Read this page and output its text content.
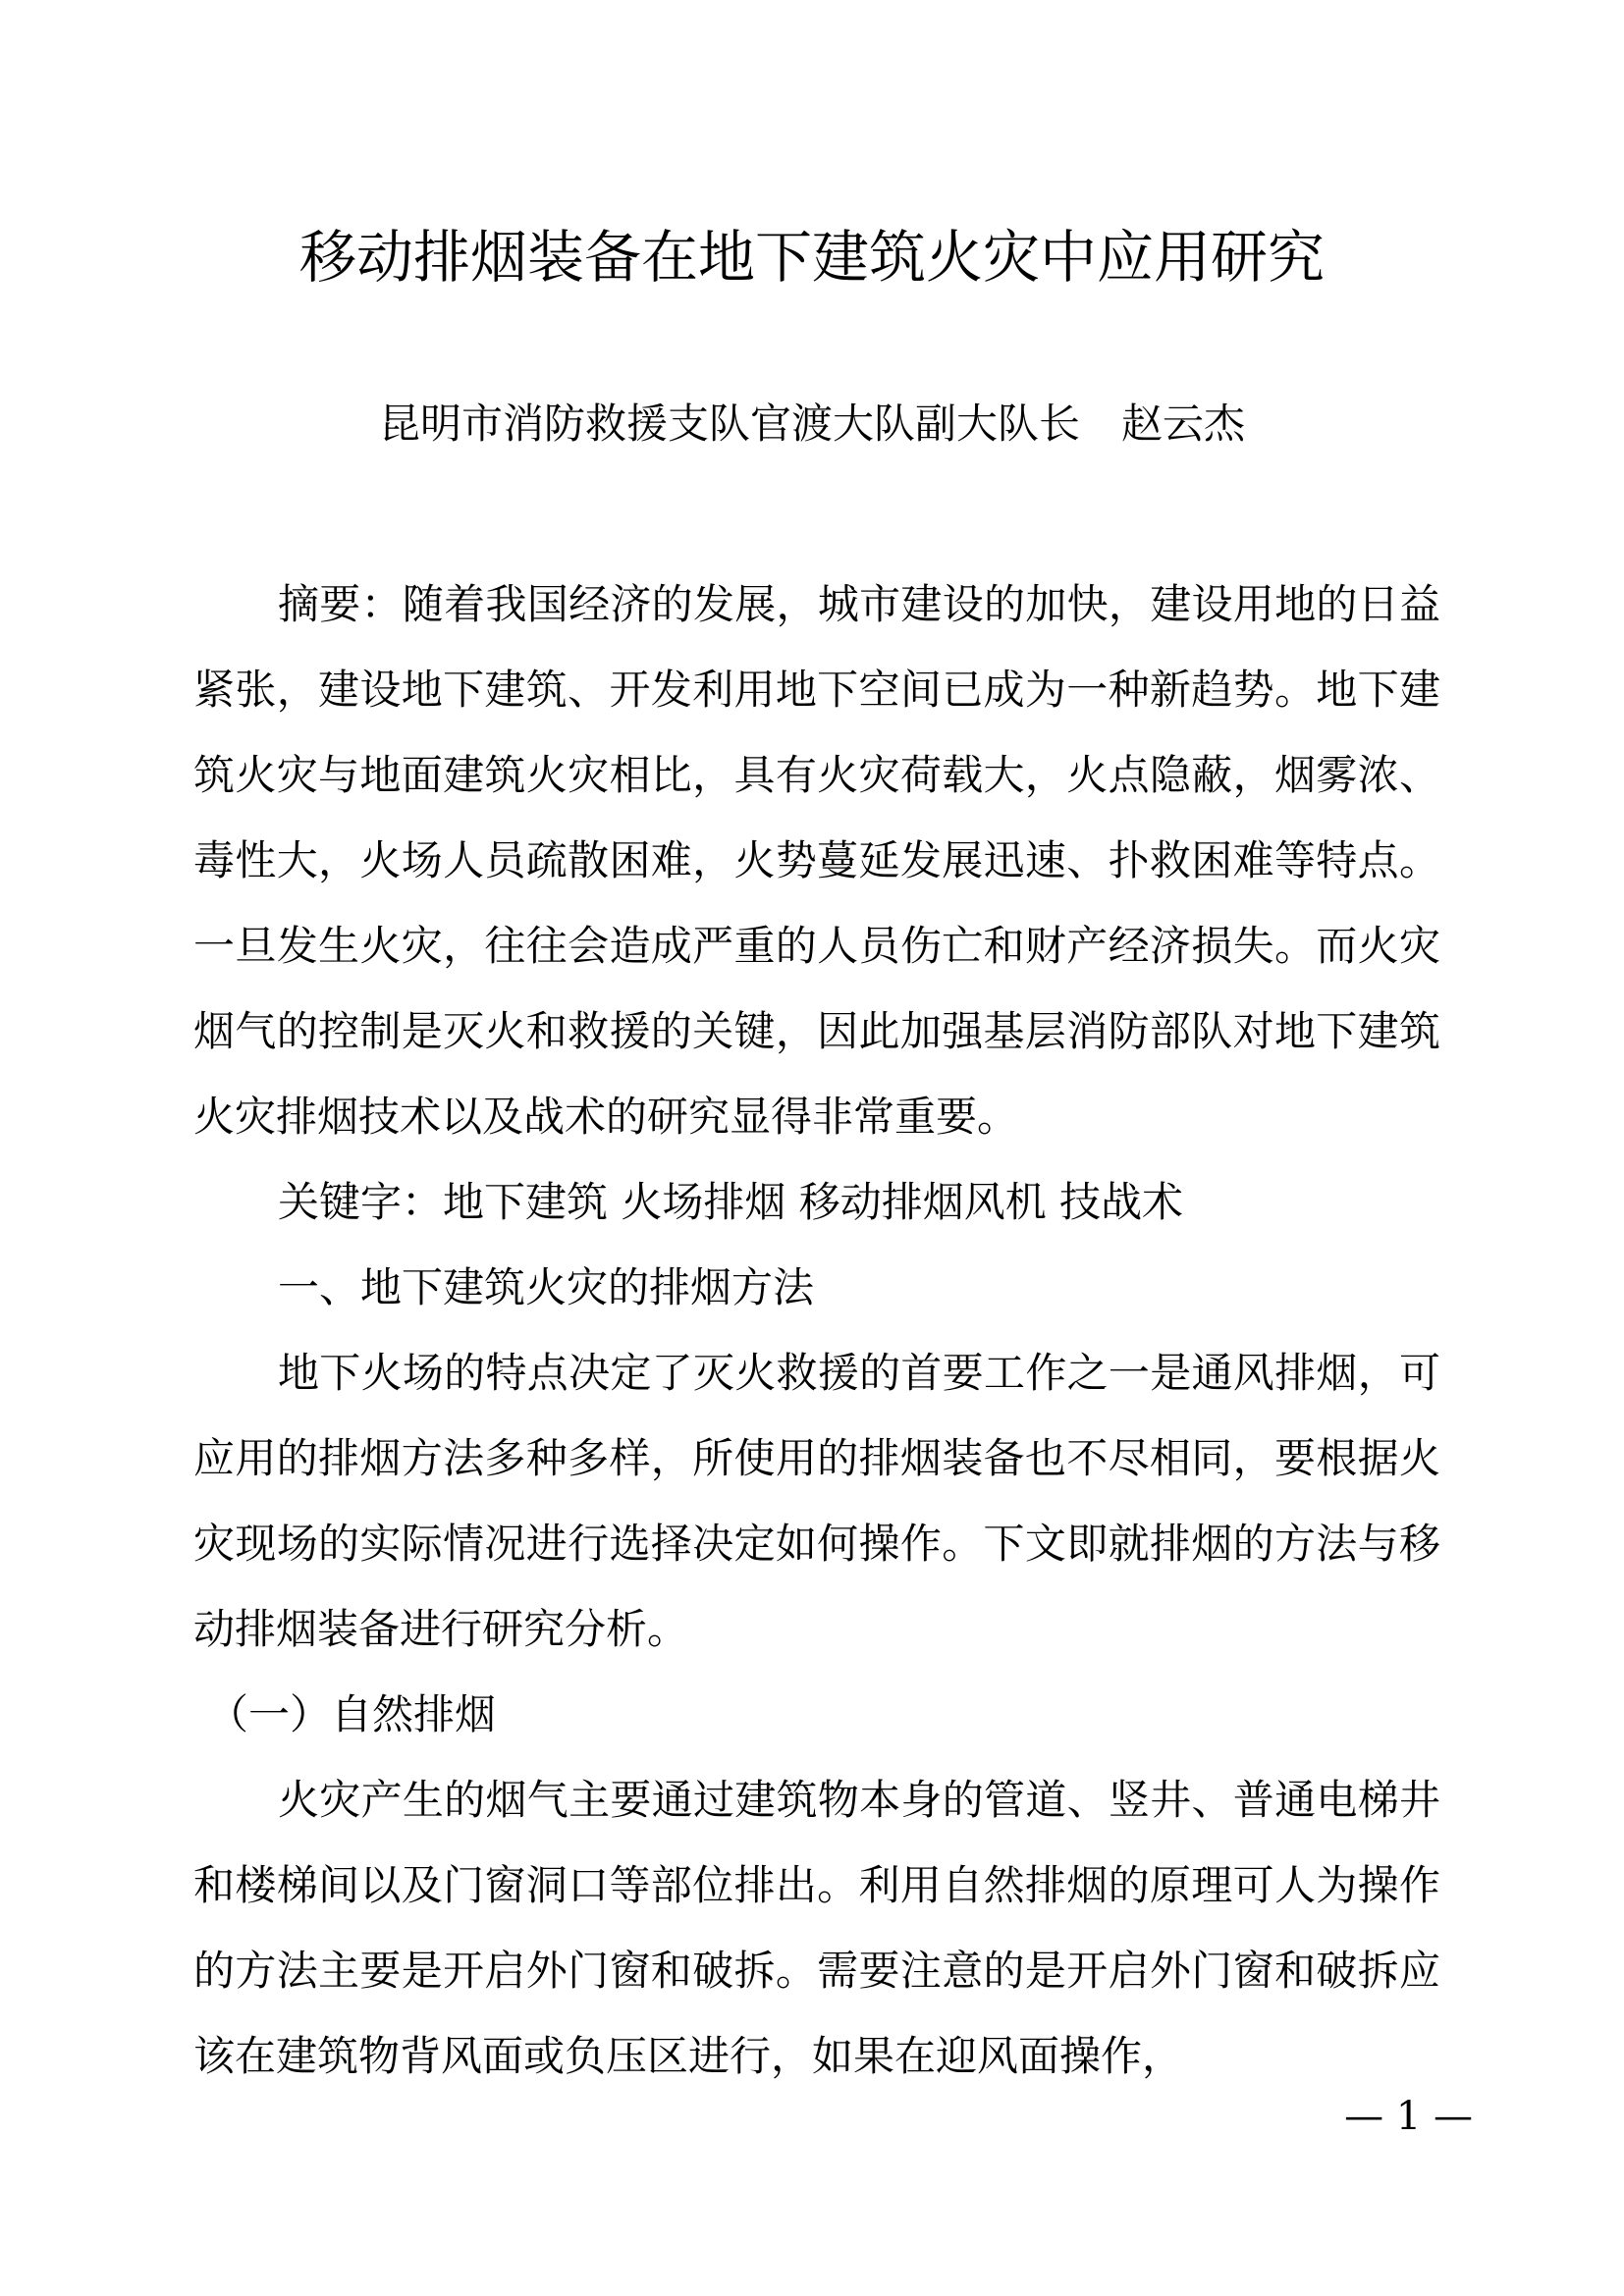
移动排烟装备在地下建筑火灾中应用研究

昆明市消防救援支队官渡大队副大队长　赵云杰

摘要：随着我国经济的发展，城市建设的加快，建设用地的日益紧张，建设地下建筑、开发利用地下空间已成为一种新趋势。地下建筑火灾与地面建筑火灾相比，具有火灾荷载大，火点隐蔽，烟雾浓、毒性大，火场人员疏散困难，火势蔓延发展迅速、扑救困难等特点。一旦发生火灾，往往会造成严重的人员伤亡和财产经济损失。而火灾烟气的控制是灭火和救援的关键，因此加强基层消防部队对地下建筑火灾排烟技术以及战术的研究显得非常重要。

关键字：地下建筑 火场排烟 移动排烟风机 技战术

一、地下建筑火灾的排烟方法

地下火场的特点决定了灭火救援的首要工作之一是通风排烟，可应用的排烟方法多种多样，所使用的排烟装备也不尽相同，要根据火灾现场的实际情况进行选择决定如何操作。下文即就排烟的方法与移动排烟装备进行研究分析。

（一）自然排烟

火灾产生的烟气主要通过建筑物本身的管道、竖井、普通电梯井和楼梯间以及门窗洞口等部位排出。利用自然排烟的原理可人为操作的方法主要是开启外门窗和破拆。需要注意的是开启外门窗和破拆应该在建筑物背风面或负压区进行，如果在迎风面操作，

— 1 —
